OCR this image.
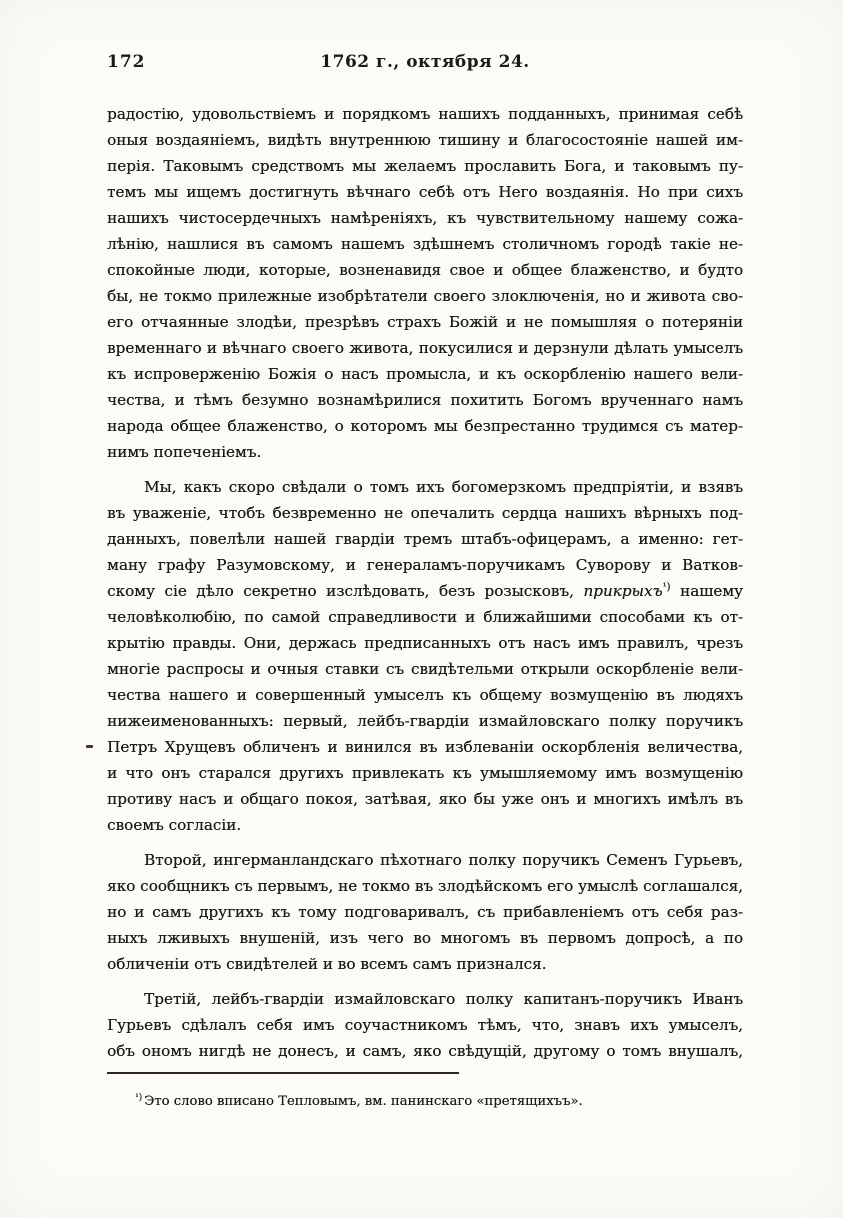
172	1762 г., октября 24.
радостію, удовольствіемъ и порядкомъ нашихъ подданныхъ, принимая себѣ
оныя воздаяніемъ, видѣть внутреннюю тишину и благосостояніе нашей им-
перія. Таковымъ средствомъ мы желаемъ прославить Бога, и таковымъ пу-
темъ мы ищемъ достигнуть вѣчнаго себѣ отъ Него воздаянія. Но при сихъ
нашихъ чистосердечныхъ намѣреніяхъ, къ чувствительному нашему сожа-
лѣнію, нашлися въ самомъ нашемъ здѣшнемъ столичномъ городѣ такіе не-
спокойные люди, которые, возненавидя свое и общее блаженство, и будто
бы, не токмо прилежные изобрѣтатели своего злоключенія, но и живота сво-
его отчаянные злодѣи, презрѣвъ страхъ Божій и не помышляя о потеряніи
временнаго и вѣчнаго своего живота, покусилися и дерзнули дѣлать умыселъ
къ испроверженію Божія о насъ промысла, и къ оскорбленію нашего вели-
чества, и тѣмъ безумно вознамѣрилися похитить Богомъ врученнаго намъ
народа общее блаженство, о которомъ мы безпрестанно трудимся съ матер-
нимъ попеченіемъ.
Мы, какъ скоро свѣдали о томъ ихъ богомерзкомъ предпріятіи, и взявъ
въ уваженіе, чтобъ безвременно не опечалить сердца нашихъ вѣрныхъ под-
данныхъ, повелѣли нашей гвардіи тремъ штабъ-офицерамъ, а именно: гет-
ману графу Разумовскому, и генераламъ-поручикамъ Суворову и Ватков-
скому сіе дѣло секретно изслѣдовать, безъ розысковъ, прикрыхъ$^{^1)}$ нашему
человѣколюбію, по самой справедливости и ближайшими способами къ от-
крытію правды. Они, держась предписанныхъ отъ насъ имъ правилъ, чрезъ
многіе распросы и очныя ставки съ свидѣтельми открыли оскорбленіе вели-
чества нашего и совершенный умыселъ къ общему возмущенію въ людяхъ
нижеименованныхъ: первый, лейбъ-гвардіи измайловскаго полку поручикъ
Петръ Хрущевъ обличенъ и винился въ изблеваніи оскорбленія величества,
и что онъ старался другихъ привлекать къ умышляемому имъ возмущенію
противу насъ и общаго покоя, затѣвая, яко бы уже онъ и многихъ имѣлъ въ
своемъ согласіи.
Второй, ингерманландскаго пѣхотнаго полку поручикъ Семенъ Гурьевъ,
яко сообщникъ съ первымъ, не токмо въ злодѣйскомъ его умыслѣ соглашался,
но и самъ другихъ къ тому подговаривалъ, съ прибавленіемъ отъ себя раз-
ныхъ лживыхъ внушеній, изъ чего во многомъ въ первомъ допросѣ, а по
обличеніи отъ свидѣтелей и во всемъ самъ признался.
Третій, лейбъ-гвардіи измайловскаго полку капитанъ-поручикъ Иванъ
Гурьевъ сдѣлалъ себя имъ соучастникомъ тѣмъ, что, знавъ ихъ умыселъ,
объ ономъ нигдѣ не донесъ, и самъ, яко свѣдущій, другому о томъ внушалъ,
$^{^1)}$ Это слово вписано Тепловымъ, вм. панинскаго «претящихъъ».
